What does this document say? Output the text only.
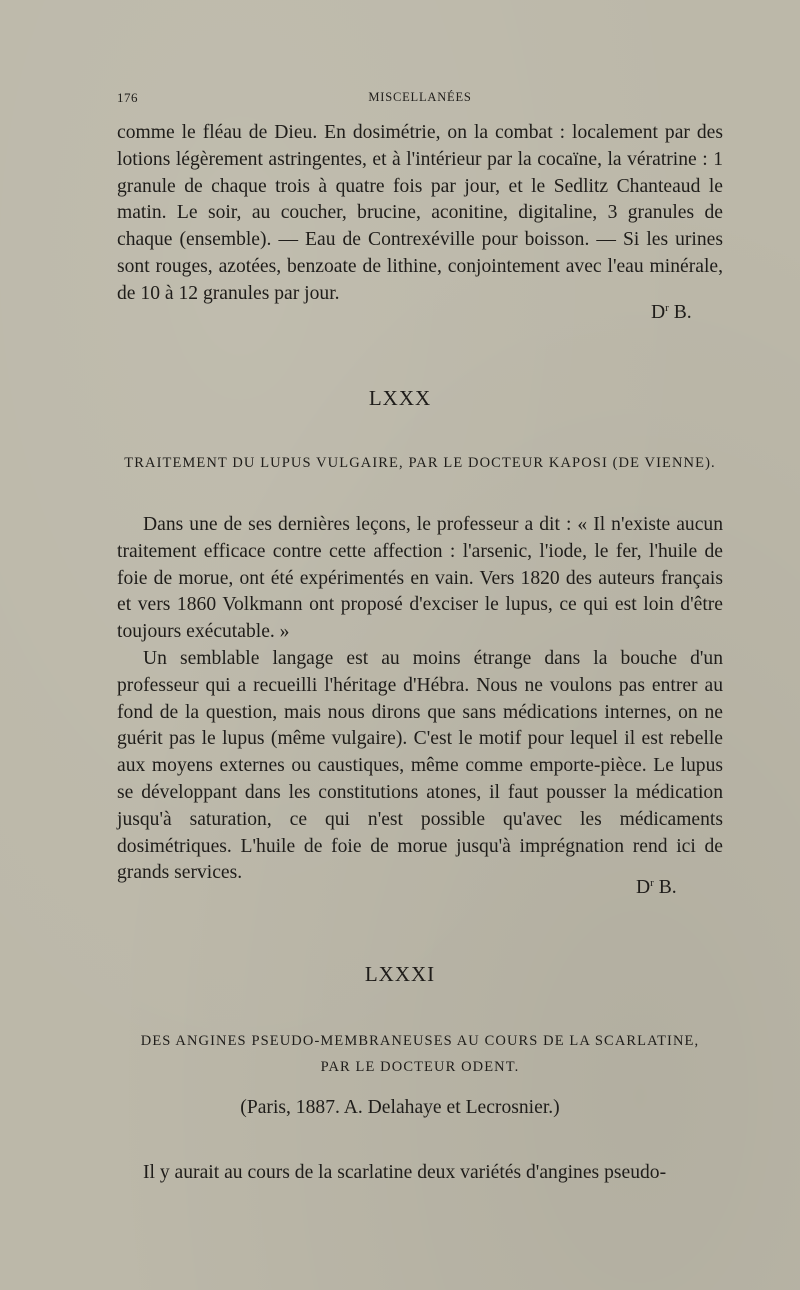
176	MISCELLANÉES

comme le fléau de Dieu. En dosimétrie, on la combat : localement par des lotions légèrement astringentes, et à l'intérieur par la cocaïne, la vératrine : 1 granule de chaque trois à quatre fois par jour, et le Sedlitz Chanteaud le matin. Le soir, au coucher, brucine, aconitine, digitaline, 3 granules de chaque (ensemble). — Eau de Contrexéville pour boisson. — Si les urines sont rouges, azotées, benzoate de lithine, conjointement avec l'eau minérale, de 10 à 12 granules par jour.

$D^r$ B.
LXXX
TRAITEMENT DU LUPUS VULGAIRE, PAR LE DOCTEUR KAPOSI (DE VIENNE).

Dans une de ses dernières leçons, le professeur a dit : « Il n'existe aucun traitement efficace contre cette affection : l'arsenic, l'iode, le fer, l'huile de foie de morue, ont été expérimentés en vain. Vers 1820 des auteurs français et vers 1860 Volkmann ont proposé d'exciser le lupus, ce qui est loin d'être toujours exécutable. »

Un semblable langage est au moins étrange dans la bouche d'un professeur qui a recueilli l'héritage d'Hébra. Nous ne voulons pas entrer au fond de la question, mais nous dirons que sans médications internes, on ne guérit pas le lupus (même vulgaire). C'est le motif pour lequel il est rebelle aux moyens externes ou caustiques, même comme emporte-pièce. Le lupus se développant dans les constitutions atones, il faut pousser la médication jusqu'à saturation, ce qui n'est possible qu'avec les médicaments dosimétriques. L'huile de foie de morue jusqu'à imprégnation rend ici de grands services.

$D^r$ B.
LXXXI
DES ANGINES PSEUDO-MEMBRANEUSES AU COURS DE LA SCARLATINE,
PAR LE DOCTEUR ODENT.
(Paris, 1887. A. Delahaye et Lecrosnier.)

Il y aurait au cours de la scarlatine deux variétés d'angines pseudo-
